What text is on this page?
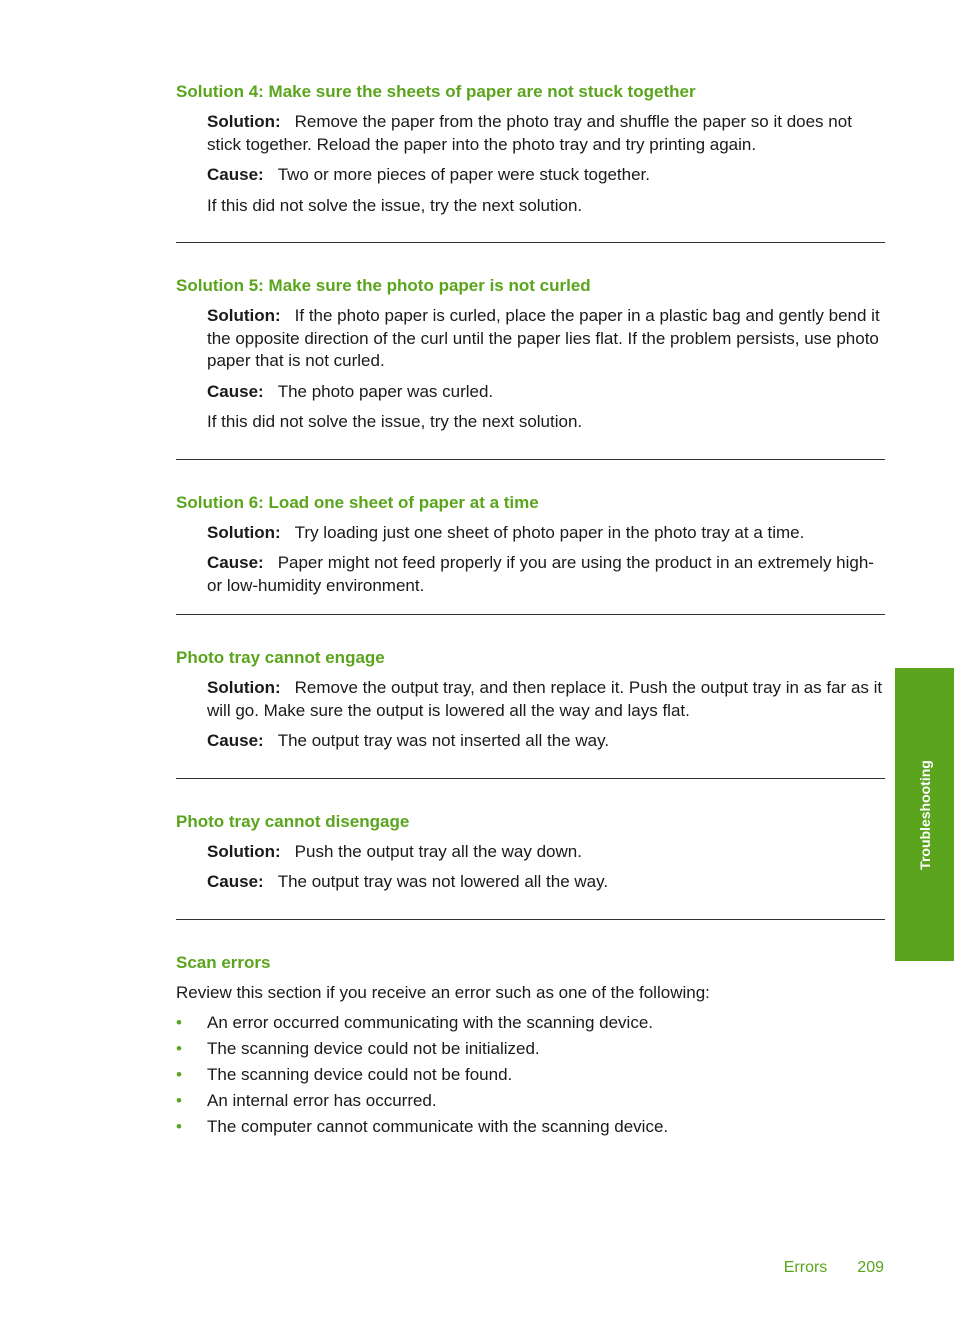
Solution 4: Make sure the sheets of paper are not stuck together

Solution: Remove the paper from the photo tray and shuffle the paper so it does not stick together. Reload the paper into the photo tray and try printing again.

Cause: Two or more pieces of paper were stuck together.

If this did not solve the issue, try the next solution.

Solution 5: Make sure the photo paper is not curled

Solution: If the photo paper is curled, place the paper in a plastic bag and gently bend it the opposite direction of the curl until the paper lies flat. If the problem persists, use photo paper that is not curled.

Cause: The photo paper was curled.

If this did not solve the issue, try the next solution.

Solution 6: Load one sheet of paper at a time

Solution: Try loading just one sheet of photo paper in the photo tray at a time.

Cause: Paper might not feed properly if you are using the product in an extremely high- or low-humidity environment.

Photo tray cannot engage

Solution: Remove the output tray, and then replace it. Push the output tray in as far as it will go. Make sure the output is lowered all the way and lays flat.

Cause: The output tray was not inserted all the way.

Photo tray cannot disengage

Solution: Push the output tray all the way down.

Cause: The output tray was not lowered all the way.

Scan errors

Review this section if you receive an error such as one of the following:

• An error occurred communicating with the scanning device.
• The scanning device could not be initialized.
• The scanning device could not be found.
• An internal error has occurred.
• The computer cannot communicate with the scanning device.
Troubleshooting
Errors 209
